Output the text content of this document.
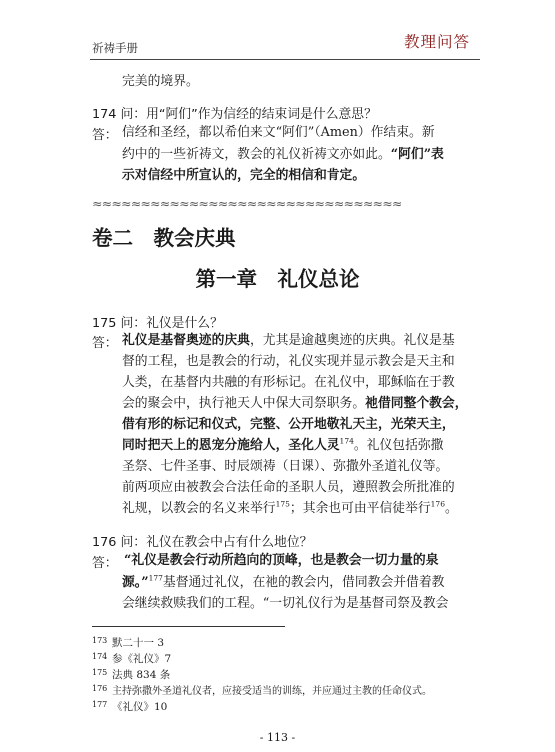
祈祷手册	教理问答
完美的境界。
174 问：用“阿们”作为信经的结束词是什么意思？
答： 信经和圣经，都以希伯来文“阿们”（Amen）作结束。新
约中的一些祈祷文，教会的礼仪祈祷文亦如此。“阿们”表
示对信经中所宣认的，完全的相信和肯定。
≈≈≈≈≈≈≈≈≈≈≈≈≈≈≈≈≈≈≈≈≈≈≈≈≈≈≈≈≈≈≈≈
卷二　教会庆典
第一章　礼仪总论
175 问：礼仪是什么？
答： 礼仪是基督奥迹的庆典，尤其是逾越奥迹的庆典。礼仪是基
督的工程，也是教会的行动，礼仪实现并显示教会是天主和
人类，在基督内共融的有形标记。在礼仪中，耶稣临在于教
会的聚会中，执行祂天人中保大司祭职务。祂借同整个教会，
借有形的标记和仪式，完整、公开地敬礼天主，光荣天主，
同时把天上的恩宠分施给人，圣化人灵$^{174}$。礼仪包括弥撒
圣祭、七件圣事、时辰颂祷（日课）、弥撒外圣道礼仪等。
前两项应由被教会合法任命的圣职人员，遵照教会所批准的
礼规，以教会的名义来举行$^{175}$；其余也可由平信徒举行$^{176}$。
176 问：礼仪在教会中占有什么地位？
答： “礼仪是教会行动所趋向的顶峰，也是教会一切力量的泉
源。”$^{177}$基督通过礼仪，在祂的教会内，借同教会并借着教
会继续救赎我们的工程。“一切礼仪行为是基督司祭及教会
173 默二十一 3
174 参《礼仪》7
175 法典 834 条
176 主持弥撒外圣道礼仪者，应接受适当的训练，并应通过主教的任命仪式。
177 《礼仪》10
- 113 -
